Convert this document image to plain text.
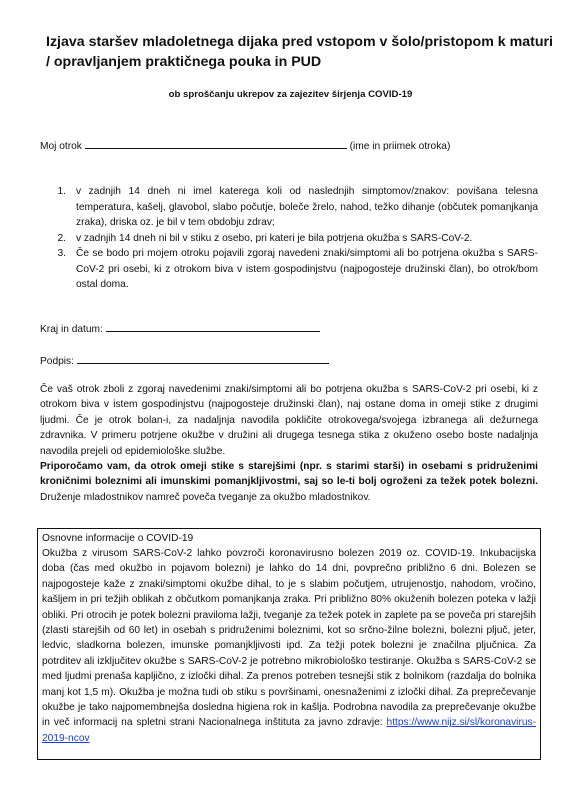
Izjava staršev mladoletnega dijaka pred vstopom v šolo/pristopom k maturi / opravljanjem praktičnega pouka in PUD
ob sproščanju ukrepov za zajezitev širjenja COVID-19
Moj otrok	(ime in priimek otroka)
1. v zadnjih 14 dneh ni imel katerega koli od naslednjih simptomov/znakov: povišana telesna temperatura, kašelj, glavobol, slabo počutje, boleče žrelo, nahod, težko dihanje (občutek pomanjkanja zraka), driska oz. je bil v tem obdobju zdrav;
2. v zadnjih 14 dneh ni bil v stiku z osebo, pri kateri je bila potrjena okužba s SARS-CoV-2.
3. Če se bodo pri mojem otroku pojavili zgoraj navedeni znaki/simptomi ali bo potrjena okužba s SARS-CoV-2 pri osebi, ki z otrokom biva v istem gospodinjstvu (najpogosteje družinski član), bo otrok/bom ostal doma.
Kraj in datum:
Podpis:
Če vaš otrok zboli z zgoraj navedenimi znaki/simptomi ali bo potrjena okužba s SARS-CoV-2 pri osebi, ki z otrokom biva v istem gospodinjstvu (najpogosteje družinski član), naj ostane doma in omeji stike z drugimi ljudmi. Če je otrok bolan-i, za nadaljnja navodila pokličite otrokovega/svojega izbranega ali dežurnega zdravnika. V primeru potrjene okužbe v družini ali drugega tesnega stika z okuženo osebo boste nadaljnja navodila prejeli od epidemiološke službe.
Priporočamo vam, da otrok omeji stike s starejšimi (npr. s starimi starši) in osebami s pridruženimi kroničnimi boleznimi ali imunskimi pomanjkljivostmi, saj so le-ti bolj ogroženi za težek potek bolezni. Druženje mladostnikov namreč poveča tveganje za okužbo mladostnikov.
Osnovne informacije o COVID-19
Okužba z virusom SARS-CoV-2 lahko povzroči koronavirusno bolezen 2019 oz. COVID-19. Inkubacijska doba (čas med okužbo in pojavom bolezni) je lahko do 14 dni, povprečno približno 6 dni. Bolezen se najpogosteje kaže z znaki/simptomi okužbe dihal, to je s slabim počutjem, utrujenostjo, nahodom, vročino, kašljem in pri težjih oblikah z občutkom pomanjkanja zraka. Pri približno 80% okuženih bolezen poteka v lažji obliki. Pri otrocih je potek bolezni praviloma lažji, tveganje za težek potek in zaplete pa se poveča pri starejših (zlasti starejših od 60 let) in osebah s pridruženimi boleznimi, kot so srčno-žilne bolezni, bolezni pljuč, jeter, ledvic, sladkorna bolezen, imunske pomanjkljivosti ipd. Za težji potek bolezni je značilna pljučnica. Za potrditev ali izključitev okužbe s SARS-CoV-2 je potrebno mikrobiološko testiranje. Okužba s SARS-CoV-2 se med ljudmi prenaša kapljično, z izločki dihal. Za prenos potreben tesnejši stik z bolnikom (razdalja do bolnika manj kot 1,5 m). Okužba je možna tudi ob stiku s površinami, onesnaženimi z izločki dihal. Za preprečevanje okužbe je tako najpomembnejša dosledna higiena rok in kašlja. Podrobna navodila za preprečevanje okužbe in več informacij na spletni strani Nacionalnega inštituta za javno zdravje: https://www.nijz.si/sl/koronavirus-2019-ncov
